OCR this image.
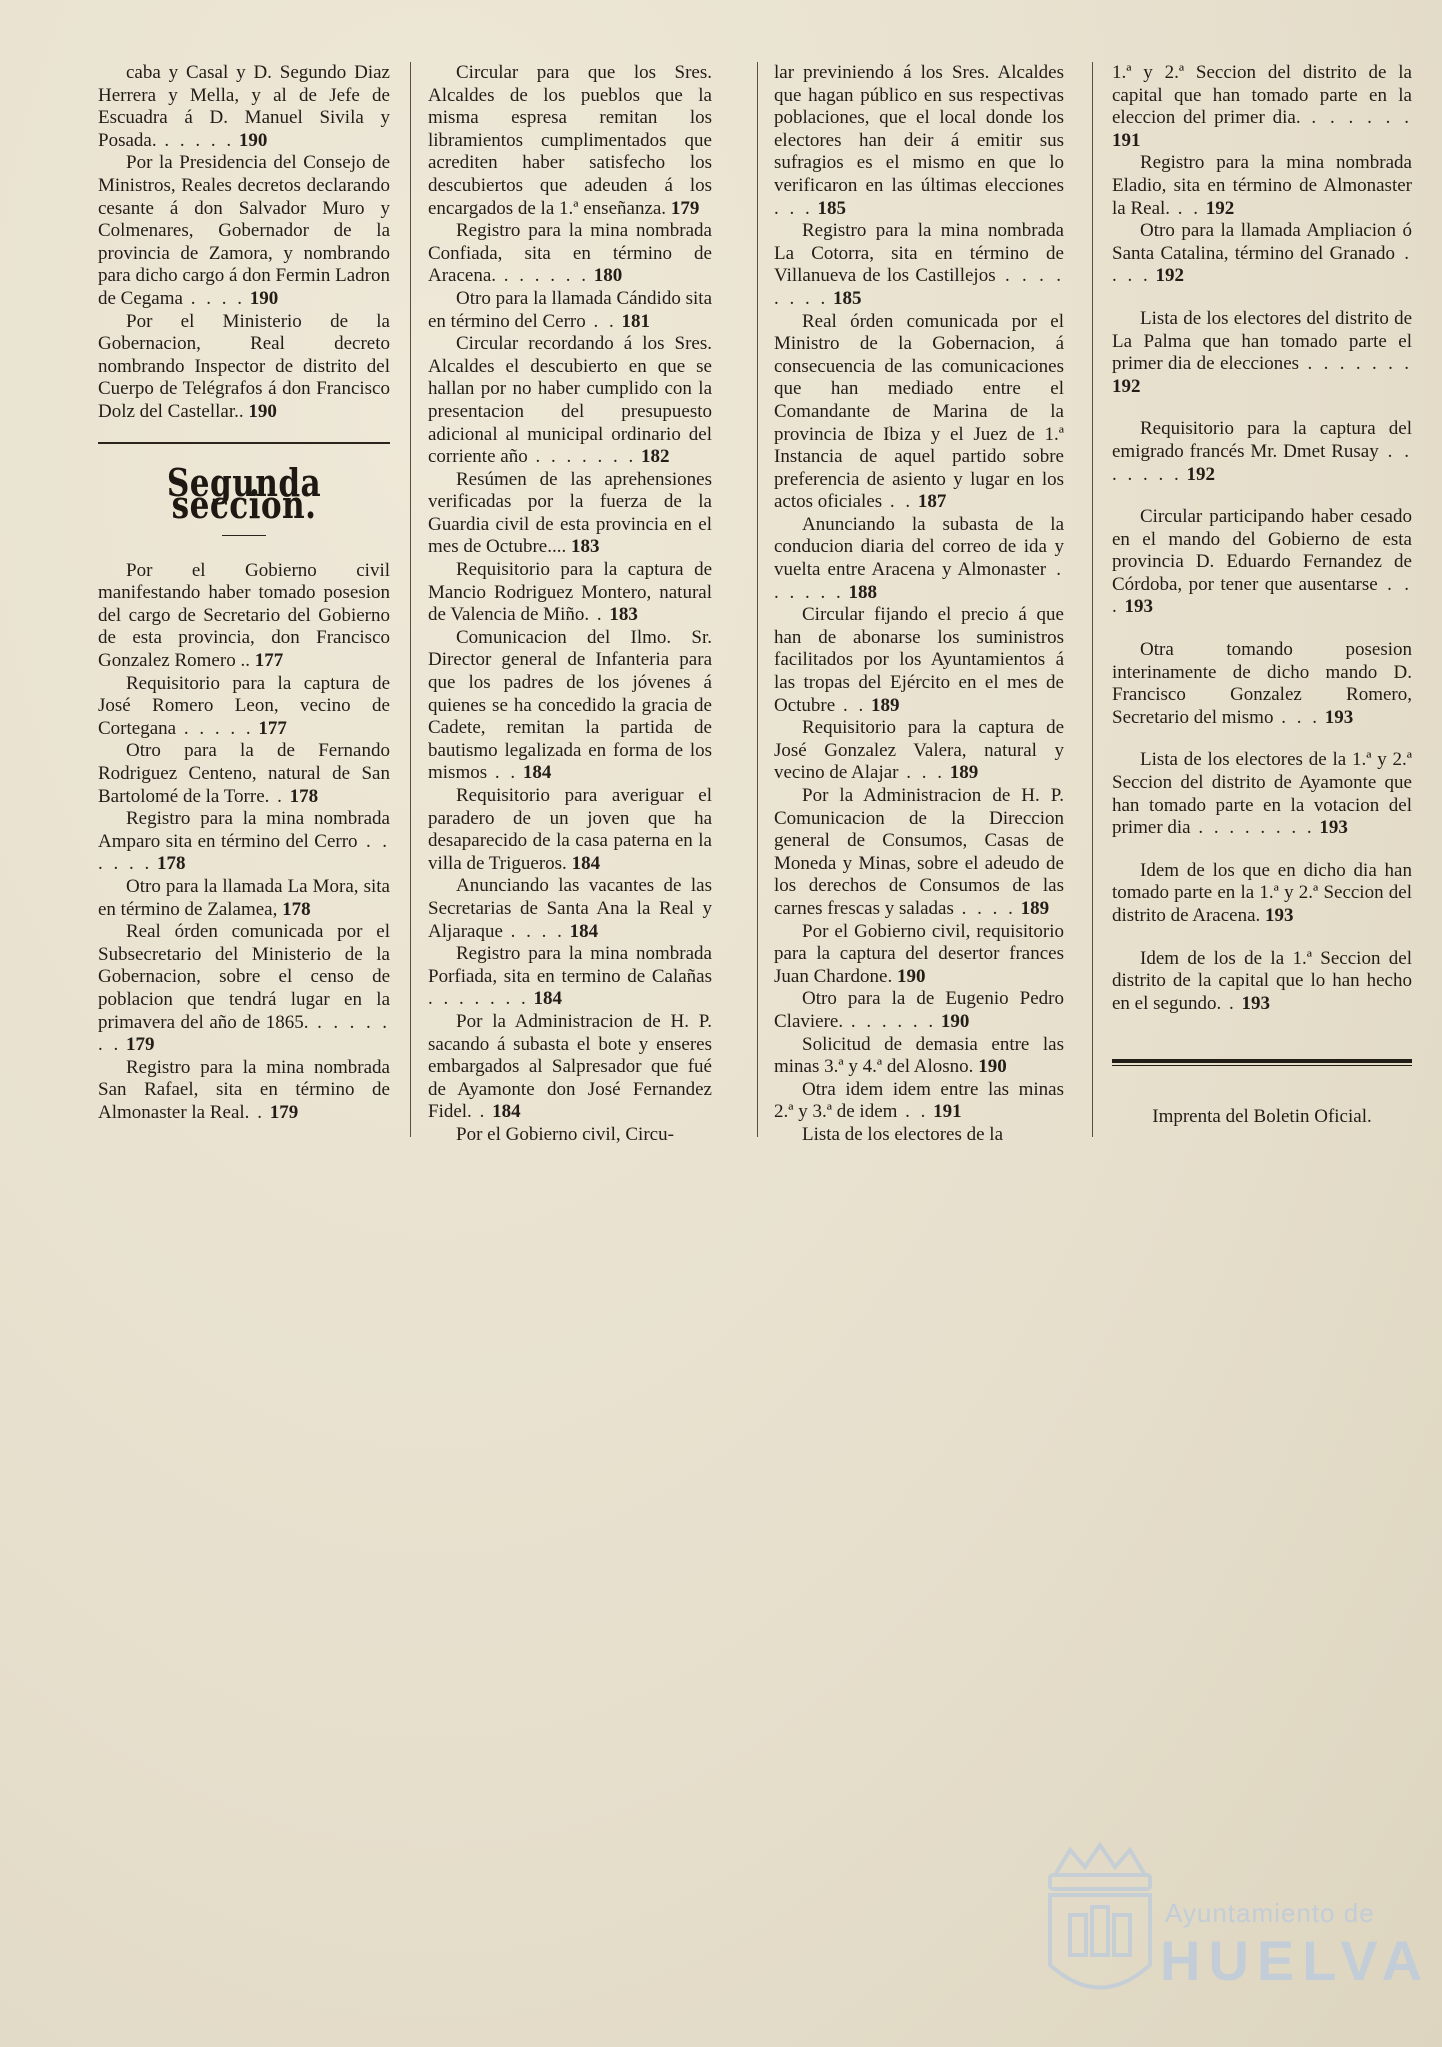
caba y Casal y D. Segundo Diaz Herrera y Mella, y al de Jefe de Escuadra á D. Manuel Sivila y Posada. . . . . . 190

Por la Presidencia del Consejo de Ministros, Reales decretos declarando cesante á don Salvador Muro y Colmenares, Gobernador de la provincia de Zamora, y nombrando para dicho cargo á don Fermin Ladron de Cegama . . . . 190

Por el Ministerio de la Gobernacion, Real decreto nombrando Inspector de distrito del Cuerpo de Telégrafos á don Francisco Dolz del Castellar.. 190

Segunda seccion.

Por el Gobierno civil manifestando haber tomado posesion del cargo de Secretario del Gobierno de esta provincia, don Francisco Gonzalez Romero .. 177

Requisitorio para la captura de José Romero Leon, vecino de Cortegana . . . . . 177

Otro para la de Fernando Rodriguez Centeno, natural de San Bartolomé de la Torre. . 178

Registro para la mina nombrada Amparo sita en término del Cerro . . . . . . 178

Otro para la llamada La Mora, sita en término de Zalamea, 178

Real órden comunicada por el Subsecretario del Ministerio de la Gobernacion, sobre el censo de poblacion que tendrá lugar en la primavera del año de 1865. . . . . . . . 179

Registro para la mina nombrada San Rafael, sita en término de Almonaster la Real. . 179

Circular para que los Sres. Alcaldes de los pueblos que la misma espresa remitan los libramientos cumplimentados que acrediten haber satisfecho los descubiertos que adeuden á los encargados de la 1.ª enseñanza. 179

Registro para la mina nombrada Confiada, sita en término de Aracena. . . . . . . 180

Otro para la llamada Cándido sita en término del Cerro . . 181

Circular recordando á los Sres. Alcaldes el descubierto en que se hallan por no haber cumplido con la presentacion del presupuesto adicional al municipal ordinario del corriente año . . . . . . . 182

Resúmen de las aprehensiones verificadas por la fuerza de la Guardia civil de esta provincia en el mes de Octubre.... 183

Requisitorio para la captura de Mancio Rodriguez Montero, natural de Valencia de Miño. . 183

Comunicacion del Ilmo. Sr. Director general de Infanteria para que los padres de los jóvenes á quienes se ha concedido la gracia de Cadete, remitan la partida de bautismo legalizada en forma de los mismos . . 184

Requisitorio para averiguar el paradero de un joven que ha desaparecido de la casa paterna en la villa de Trigueros. 184

Anunciando las vacantes de las Secretarias de Santa Ana la Real y Aljaraque . . . . 184

Registro para la mina nombrada Porfiada, sita en termino de Calañas . . . . . . . 184

Por la Administracion de H. P. sacando á subasta el bote y enseres embargados al Salpresador que fué de Ayamonte don José Fernandez Fidel. . 184

Por el Gobierno civil, Circu-

lar previniendo á los Sres. Alcaldes que hagan público en sus respectivas poblaciones, que el local donde los electores han deir á emitir sus sufragios es el mismo en que lo verificaron en las últimas elecciones . . . 185

Registro para la mina nombrada La Cotorra, sita en término de Villanueva de los Castillejos . . . . . . . . 185

Real órden comunicada por el Ministro de la Gobernacion, á consecuencia de las comunicaciones que han mediado entre el Comandante de Marina de la provincia de Ibiza y el Juez de 1.ª Instancia de aquel partido sobre preferencia de asiento y lugar en los actos oficiales . . 187

Anunciando la subasta de la conducion diaria del correo de ida y vuelta entre Aracena y Almonaster . . . . . . 188

Circular fijando el precio á que han de abonarse los suministros facilitados por los Ayuntamientos á las tropas del Ejército en el mes de Octubre . . 189

Requisitorio para la captura de José Gonzalez Valera, natural y vecino de Alajar . . . 189

Por la Administracion de H. P. Comunicacion de la Direccion general de Consumos, Casas de Moneda y Minas, sobre el adeudo de los derechos de Consumos de las carnes frescas y saladas . . . . 189

Por el Gobierno civil, requisitorio para la captura del desertor frances Juan Chardone. 190

Otro para la de Eugenio Pedro Claviere. . . . . . . 190

Solicitud de demasia entre las minas 3.ª y 4.ª del Alosno. 190

Otra idem idem entre las minas 2.ª y 3.ª de idem . . 191

Lista de los electores de la

1.ª y 2.ª Seccion del distrito de la capital que han tomado parte en la eleccion del primer dia. . . . . . . 191

Registro para la mina nombrada Eladio, sita en término de Almonaster la Real. . . 192

Otro para la llamada Ampliacion ó Santa Catalina, término del Granado . . . . 192

Lista de los electores del distrito de La Palma que han tomado parte el primer dia de elecciones . . . . . . . 192

Requisitorio para la captura del emigrado francés Mr. Dmet Rusay . . . . . . . 192

Circular participando haber cesado en el mando del Gobierno de esta provincia D. Eduardo Fernandez de Córdoba, por tener que ausentarse . . . 193

Otra tomando posesion interinamente de dicho mando D. Francisco Gonzalez Romero, Secretario del mismo . . . 193

Lista de los electores de la 1.ª y 2.ª Seccion del distrito de Ayamonte que han tomado parte en la votacion del primer dia . . . . . . . . 193

Idem de los que en dicho dia han tomado parte en la 1.ª y 2.ª Seccion del distrito de Aracena. 193

Idem de los de la 1.ª Seccion del distrito de la capital que lo han hecho en el segundo. . 193

Imprenta del Boletin Oficial.
Ayuntamiento de
HUELVA
